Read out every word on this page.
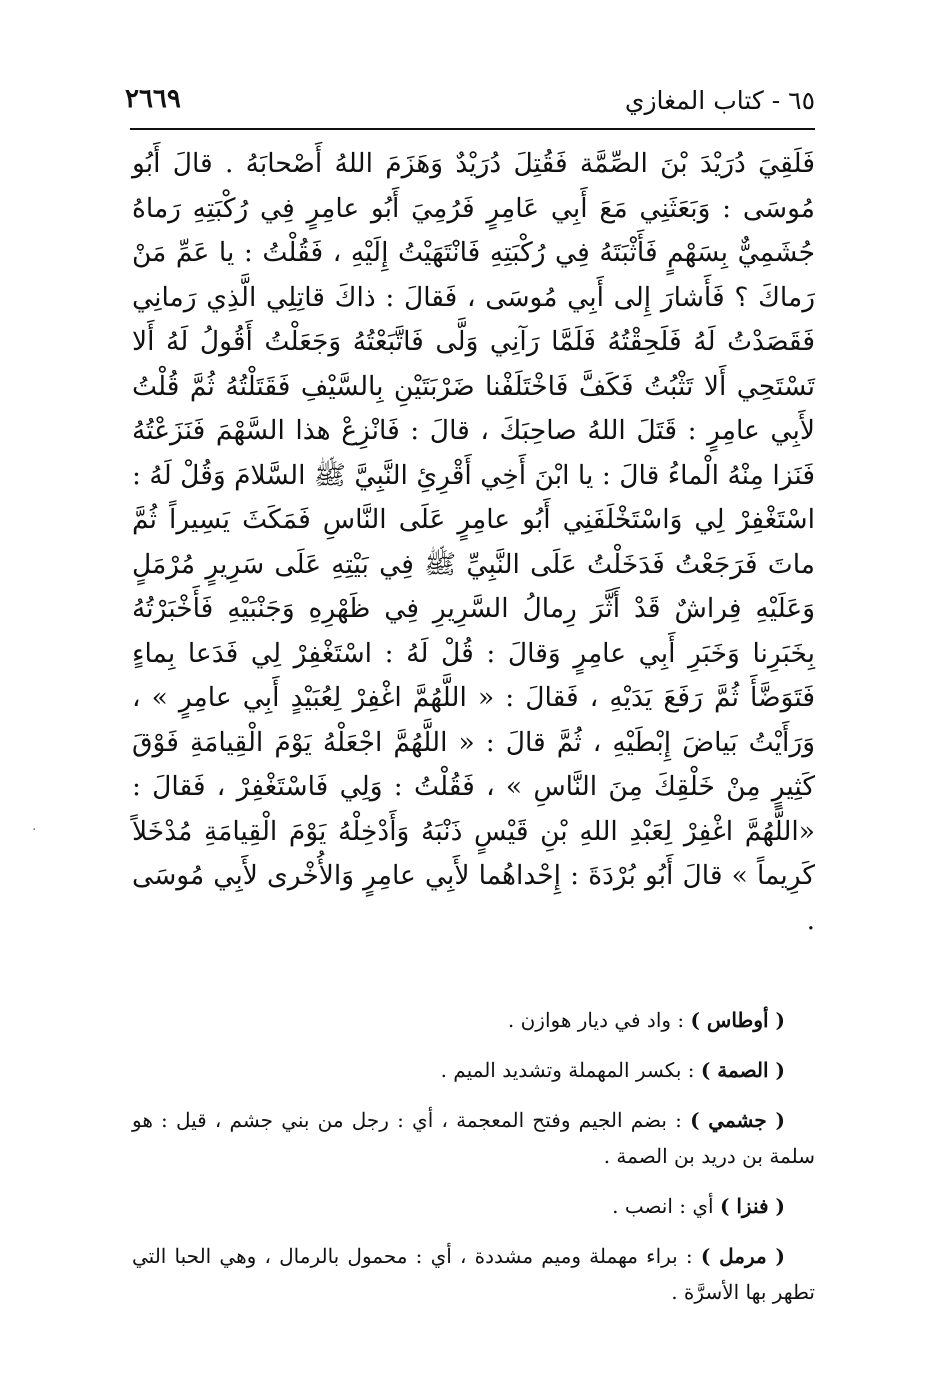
٦٥ - كتاب المغازي
٢٦٦٩
فَلَقِيَ دُرَيْدَ بْنَ الصِّمَّة فَقُتِلَ دُرَيْدٌ وَهَزَمَ اللهُ أَصْحابَهُ . قالَ أَبُو مُوسَى : وَبَعَثَنِي مَعَ أَبِي عَامِرٍ فَرُمِيَ أَبُو عامِرٍ فِي رُكْبَتِهِ رَماهُ جُشَمِيٌّ بِسَهْمٍ فَأَثْبَتَهُ فِي رُكْبَتِهِ فَانْتَهَيْتُ إِلَيْهِ ، فَقُلْتُ : يا عَمِّ مَنْ رَماكَ ؟ فَأَشارَ إِلى أَبِي مُوسَى ، فَقالَ : ذاكَ قاتِلِي الَّذِي رَمانِي فَقَصَدْتُ لَهُ فَلَحِقْتُهُ فَلَمَّا رَآنِي وَلَّى فَاتَّبَعْتُهُ وَجَعَلْتُ أَقُولُ لَهُ أَلا تَسْتَحِي أَلا تَثْبُتُ فَكَفَّ فَاخْتَلَفْنا ضَرْبَتَيْنِ بِالسَّيْفِ فَقَتَلْتُهُ ثُمَّ قُلْتُ لأَبِي عامِرٍ : قَتَلَ اللهُ صاحِبَكَ ، قالَ : فَانْزِعْ هذا السَّهْمَ فَنَزَعْتُهُ فَنَزا مِنْهُ الْماءُ قالَ : يا ابْنَ أَخِي أَقْرِئِ النَّبِيَّ ﷺ السَّلامَ وَقُلْ لَهُ : اسْتَغْفِرْ لِي وَاسْتَخْلَفَنِي أَبُو عامِرٍ عَلَى النَّاسِ فَمَكَثَ يَسِيراً ثُمَّ ماتَ فَرَجَعْتُ فَدَخَلْتُ عَلَى النَّبِيِّ ﷺ فِي بَيْتِهِ عَلَى سَرِيرٍ مُرْمَلٍ وَعَلَيْهِ فِراشٌ قَدْ أَثَّرَ رِمالُ السَّرِيرِ فِي ظَهْرِهِ وَجَنْبَيْهِ فَأَخْبَرْتُهُ بِخَبَرِنا وَخَبَرِ أَبِي عامِرٍ وَقالَ : قُلْ لَهُ : اسْتَغْفِرْ لِي فَدَعا بِماءٍ فَتَوَضَّأَ ثُمَّ رَفَعَ يَدَيْهِ ، فَقالَ : « اللَّهُمَّ اغْفِرْ لِعُبَيْدٍ أَبِي عامِرٍ » ، وَرَأَيْتُ بَياضَ إِبْطَيْهِ ، ثُمَّ قالَ : « اللَّهُمَّ اجْعَلْهُ يَوْمَ الْقِيامَةِ فَوْقَ كَثِيرٍ مِنْ خَلْقِكَ مِنَ النَّاسِ » ، فَقُلْتُ : وَلِي فَاسْتَغْفِرْ ، فَقالَ : «اللَّهُمَّ اغْفِرْ لِعَبْدِ اللهِ بْنِ قَيْسٍ ذَنْبَهُ وَأَدْخِلْهُ يَوْمَ الْقِيامَةِ مُدْخَلاً كَرِيماً » قالَ أَبُو بُرْدَةَ : إِحْداهُما لأَبِي عامِرٍ وَالأُخْرى لأَبِي مُوسَى .

( أوطاس ) : واد في ديار هوازن .

( الصمة ) : بكسر المهملة وتشديد الميم .

( جشمي ) : بضم الجيم وفتح المعجمة ، أي : رجل من بني جشم ، قيل : هو سلمة بن دريد بن الصمة .

( فنزا ) أي : انصب .

( مرمل ) : براء مهملة وميم مشددة ، أي : محمول بالرمال ، وهي الحبا التي تطهر بها الأسرَّة .

·
